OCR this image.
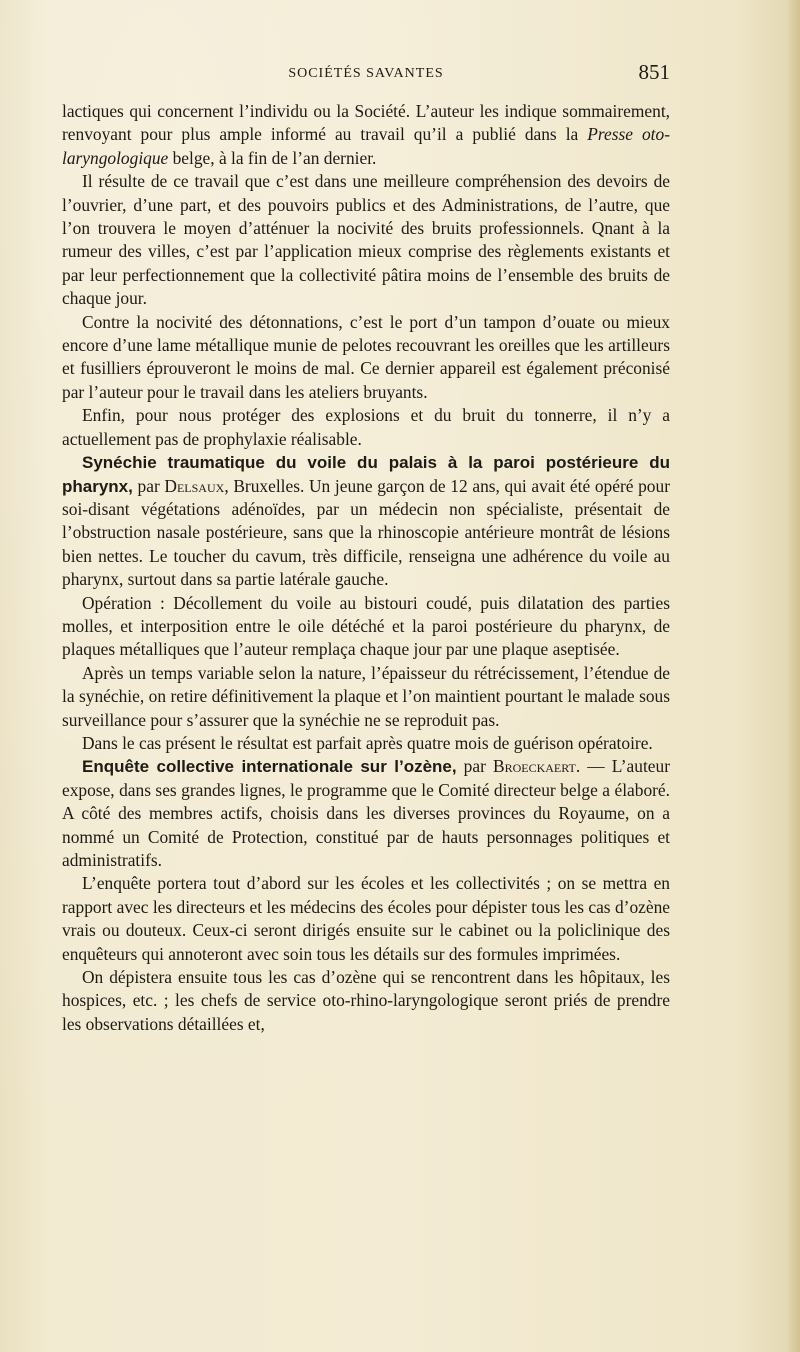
SOCIÉTÉS SAVANTES	851

lactiques qui concernent l’individu ou la Société. L’auteur les indique sommairement, renvoyant pour plus ample informé au travail qu’il a publié dans la Presse oto-laryngologique belge, à la fin de l’an dernier.

Il résulte de ce travail que c’est dans une meilleure compréhension des devoirs de l’ouvrier, d’une part, et des pouvoirs publics et des Administrations, de l’autre, que l’on trouvera le moyen d’atténuer la nocivité des bruits professionnels. Qnant à la rumeur des villes, c’est par l’application mieux comprise des règlements existants et par leur perfectionnement que la collectivité pâtira moins de l’ensemble des bruits de chaque jour.

Contre la nocivité des détonnations, c’est le port d’un tampon d’ouate ou mieux encore d’une lame métallique munie de pelotes recouvrant les oreilles que les artilleurs et fusilliers éprouveront le moins de mal. Ce dernier appareil est également préconisé par l’auteur pour le travail dans les ateliers bruyants.

Enfin, pour nous protéger des explosions et du bruit du tonnerre, il n’y a actuellement pas de prophylaxie réalisable.

Synéchie traumatique du voile du palais à la paroi postérieure du pharynx, par Delsaux, Bruxelles. Un jeune garçon de 12 ans, qui avait été opéré pour soi-disant végétations adénoïdes, par un médecin non spécialiste, présentait de l’obstruction nasale postérieure, sans que la rhinoscopie antérieure montrât de lésions bien nettes. Le toucher du cavum, très difficile, renseigna une adhérence du voile au pharynx, surtout dans sa partie latérale gauche.

Opération : Décollement du voile au bistouri coudé, puis dilatation des parties molles, et interposition entre le oile détéché et la paroi postérieure du pharynx, de plaques métalliques que l’auteur remplaça chaque jour par une plaque aseptisée.

Après un temps variable selon la nature, l’épaisseur du rétrécissement, l’étendue de la synéchie, on retire définitivement la plaque et l’on maintient pourtant le malade sous surveillance pour s’assurer que la synéchie ne se reproduit pas.

Dans le cas présent le résultat est parfait après quatre mois de guérison opératoire.

Enquête collective internationale sur l’ozène, par Broeckaert. — L’auteur expose, dans ses grandes lignes, le programme que le Comité directeur belge a élaboré. A côté des membres actifs, choisis dans les diverses provinces du Royaume, on a nommé un Comité de Protection, constitué par de hauts personnages politiques et administratifs.

L’enquête portera tout d’abord sur les écoles et les collectivités ; on se mettra en rapport avec les directeurs et les médecins des écoles pour dépister tous les cas d’ozène vrais ou douteux. Ceux-ci seront dirigés ensuite sur le cabinet ou la policlinique des enquêteurs qui annoteront avec soin tous les détails sur des formules imprimées.

On dépistera ensuite tous les cas d’ozène qui se rencontrent dans les hôpitaux, les hospices, etc. ; les chefs de service oto-rhino-laryngologique seront priés de prendre les observations détaillées et,
